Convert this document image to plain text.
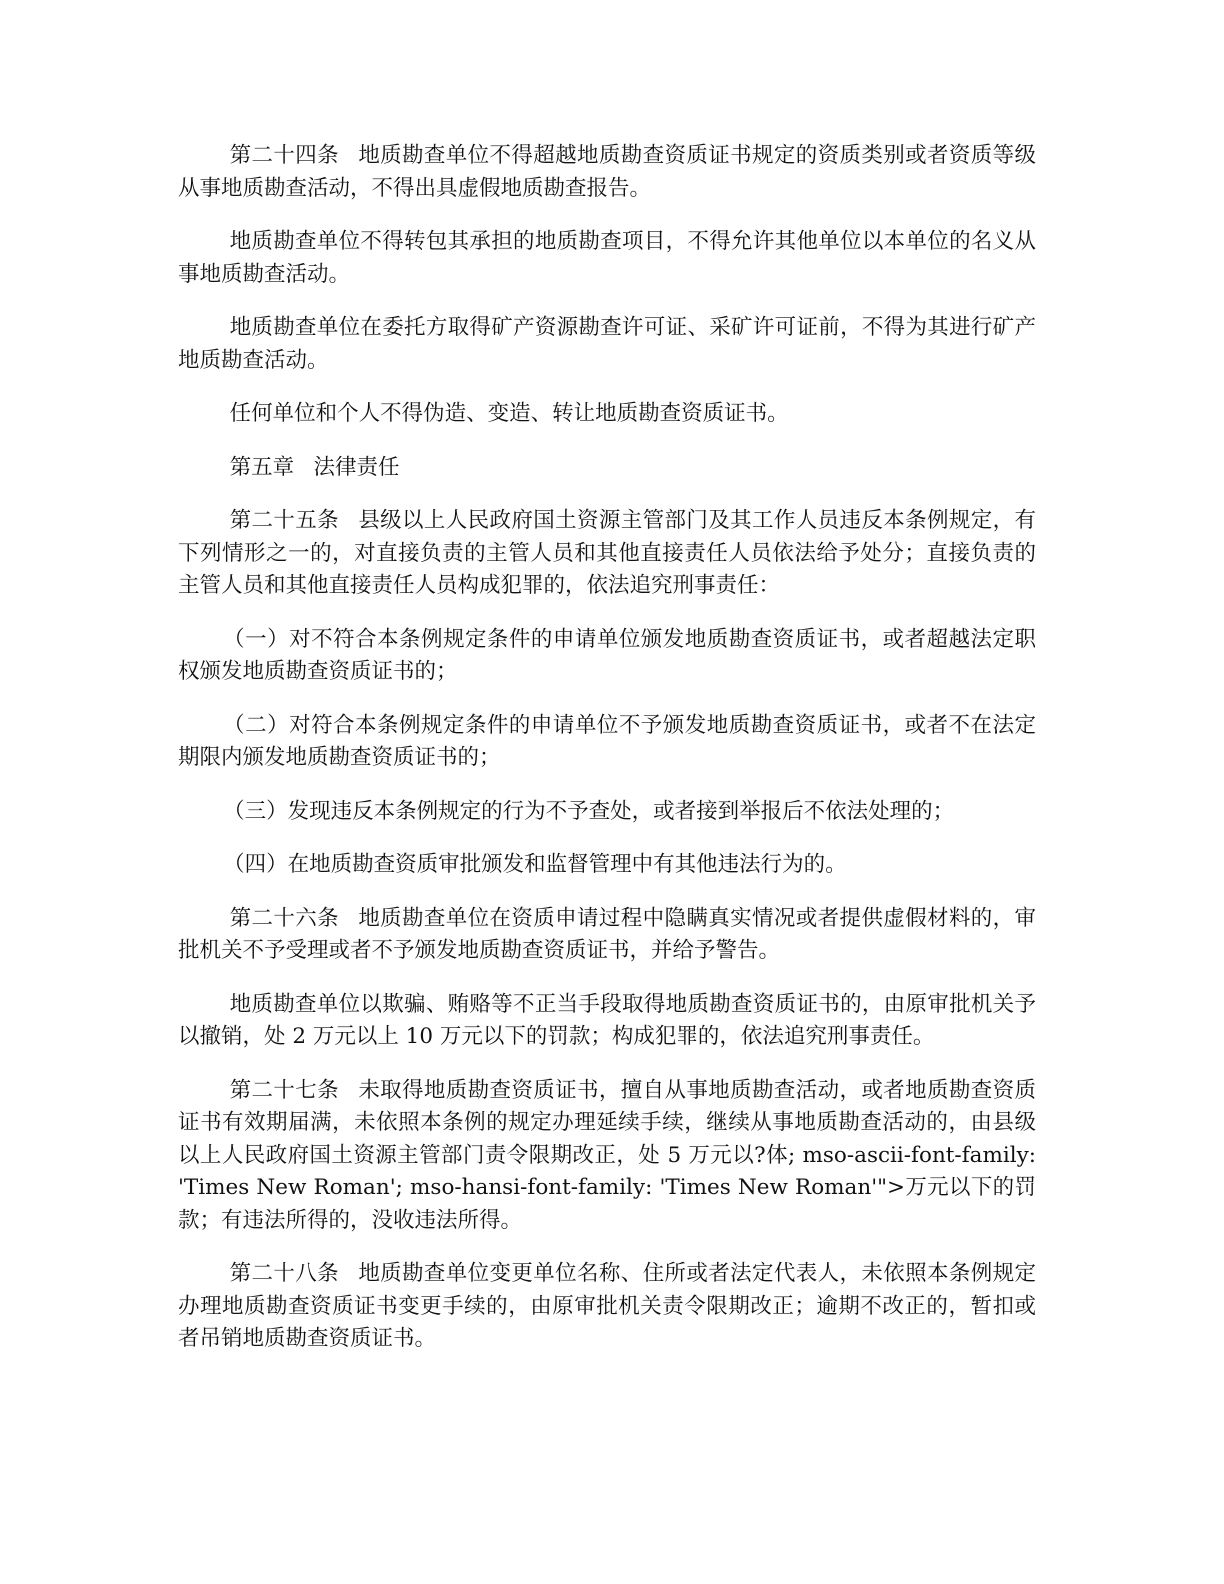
第二十四条 地质勘查单位不得超越地质勘查资质证书规定的资质类别或者资质等级从事地质勘查活动，不得出具虚假地质勘查报告。

地质勘查单位不得转包其承担的地质勘查项目，不得允许其他单位以本单位的名义从事地质勘查活动。

地质勘查单位在委托方取得矿产资源勘查许可证、采矿许可证前，不得为其进行矿产地质勘查活动。

任何单位和个人不得伪造、变造、转让地质勘查资质证书。

第五章 法律责任

第二十五条 县级以上人民政府国土资源主管部门及其工作人员违反本条例规定，有下列情形之一的，对直接负责的主管人员和其他直接责任人员依法给予处分；直接负责的主管人员和其他直接责任人员构成犯罪的，依法追究刑事责任：

（一）对不符合本条例规定条件的申请单位颁发地质勘查资质证书，或者超越法定职权颁发地质勘查资质证书的；

（二）对符合本条例规定条件的申请单位不予颁发地质勘查资质证书，或者不在法定期限内颁发地质勘查资质证书的；

（三）发现违反本条例规定的行为不予查处，或者接到举报后不依法处理的；

（四）在地质勘查资质审批颁发和监督管理中有其他违法行为的。

第二十六条 地质勘查单位在资质申请过程中隐瞒真实情况或者提供虚假材料的，审批机关不予受理或者不予颁发地质勘查资质证书，并给予警告。

地质勘查单位以欺骗、贿赂等不正当手段取得地质勘查资质证书的，由原审批机关予以撤销，处 2 万元以上 10 万元以下的罚款；构成犯罪的，依法追究刑事责任。

第二十七条 未取得地质勘查资质证书，擅自从事地质勘查活动，或者地质勘查资质证书有效期届满，未依照本条例的规定办理延续手续，继续从事地质勘查活动的，由县级以上人民政府国土资源主管部门责令限期改正，处 5 万元以?体; mso-ascii-font-family: 'Times New Roman'; mso-hansi-font-family: 'Times New Roman'">万元以下的罚款；有违法所得的，没收违法所得。

第二十八条 地质勘查单位变更单位名称、住所或者法定代表人，未依照本条例规定办理地质勘查资质证书变更手续的，由原审批机关责令限期改正；逾期不改正的，暂扣或者吊销地质勘查资质证书。
